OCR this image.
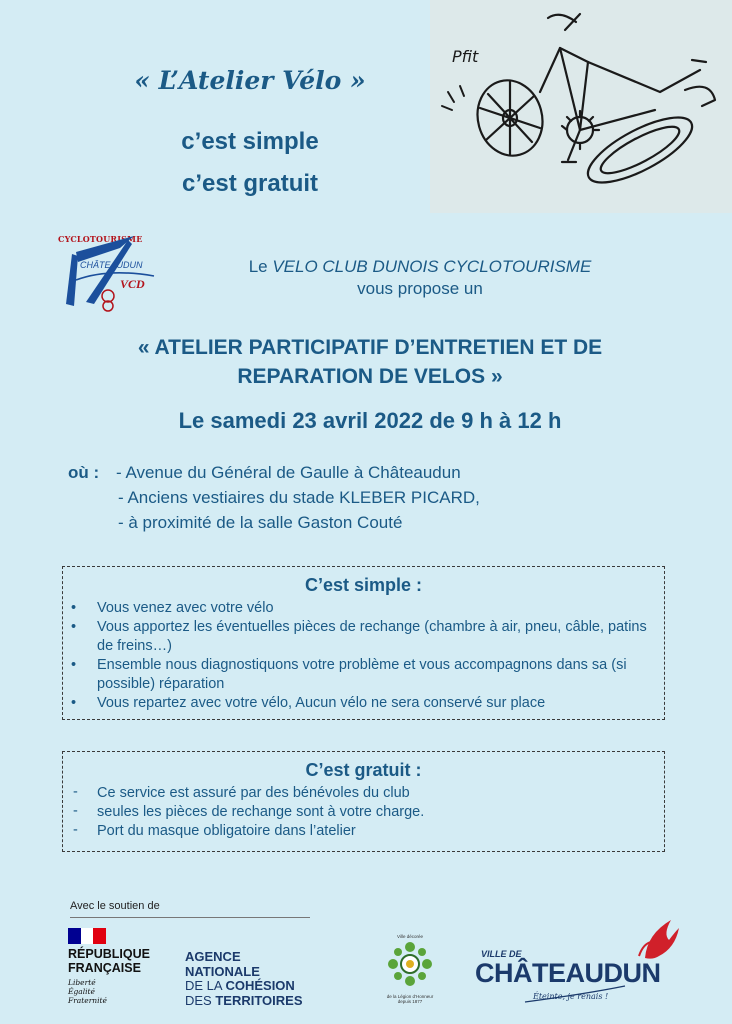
« L’Atelier Vélo »
c’est simple
c’est gratuit
Pfit
CYCLOTOURISME
CHÂTEAUDUN
VCD
Le VELO CLUB DUNOIS CYCLOTOURISME
vous propose un
« ATELIER PARTICIPATIF D’ENTRETIEN ET DE
REPARATION DE VELOS »
Le samedi 23 avril 2022 de 9 h à 12 h
où : - Avenue du Général de Gaulle à Châteaudun
- Anciens vestiaires du stade KLEBER PICARD,
- à proximité de la salle Gaston Couté
C’est simple :
• Vous venez avec votre vélo
• Vous apportez les éventuelles pièces de rechange (chambre à air, pneu, câble, patins de freins…)
• Ensemble nous diagnostiquons votre problème et vous accompagnons dans sa (si possible) réparation
• Vous repartez avec votre vélo, Aucun vélo ne sera conservé sur place
C’est gratuit :
- Ce service est assuré par des bénévoles du club
- seules les pièces de rechange sont à votre charge.
- Port du masque obligatoire dans l’atelier
Avec le soutien de
RÉPUBLIQUE
FRANÇAISE
Liberté
Égalité
Fraternité
AGENCE
NATIONALE
DE LA COHÉSION
DES TERRITOIRES
Ville décorée
de la Légion d’Honneur depuis 1877
VILLE DE
CHÂTEAUDUN
Éteinte, je renais !
